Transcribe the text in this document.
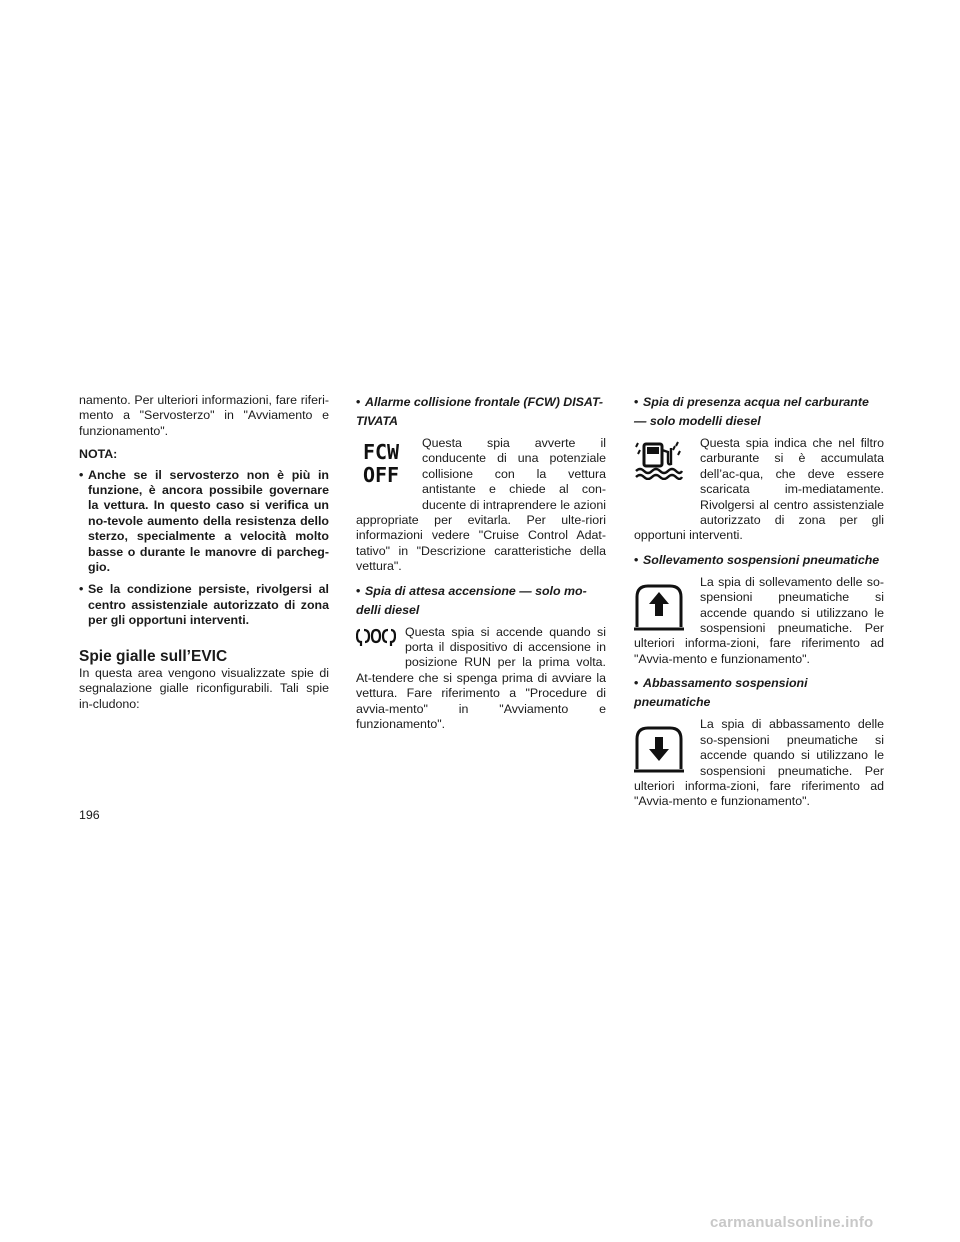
namento. Per ulteriori informazioni, fare riferi-mento a "Servosterzo" in "Avviamento e funzionamento".

NOTA:

• Anche se il servosterzo non è più in funzione, è ancora possibile governare la vettura. In questo caso si verifica un no-tevole aumento della resistenza dello sterzo, specialmente a velocità molto basse o durante le manovre di parcheg-gio.
• Se la condizione persiste, rivolgersi al centro assistenziale autorizzato di zona per gli opportuni interventi.

Spie gialle sull’EVIC

In questa area vengono visualizzate spie di segnalazione gialle riconfigurabili. Tali spie in-cludono:

• Allarme collisione frontale (FCW) DISAT-
TIVATA
FCW
OFF

Questa spia avverte il conducente di una potenziale collisione con la vettura antistante e chiede al con-ducente di intraprendere le azioni appropriate per evitarla. Per ulte-riori informazioni vedere "Cruise Control Adat-tativo" in "Descrizione caratteristiche della vettura".

• Spia di attesa accensione — solo mo-
delli diesel

Questa spia si accende quando si porta il dispositivo di accensione in posizione RUN per la prima volta. At-tendere che si spenga prima di avviare la vettura. Fare riferimento a "Procedure di avvia-mento" in "Avviamento e funzionamento".

• Spia di presenza acqua nel carburante
— solo modelli diesel

Questa spia indica che nel filtro carburante si è accumulata dell’ac-qua, che deve essere scaricata im-mediatamente. Rivolgersi al centro assistenziale autorizzato di zona per gli opportuni interventi.

• Sollevamento sospensioni pneumatiche

La spia di sollevamento delle so-spensioni pneumatiche si accende quando si utilizzano le sospensioni pneumatiche. Per ulteriori informa-zioni, fare riferimento ad "Avvia-mento e funzionamento".

• Abbassamento sospensioni
pneumatiche

La spia di abbassamento delle so-spensioni pneumatiche si accende quando si utilizzano le sospensioni pneumatiche. Per ulteriori informa-zioni, fare riferimento ad "Avvia-mento e funzionamento".

196
carmanualsonline.info
